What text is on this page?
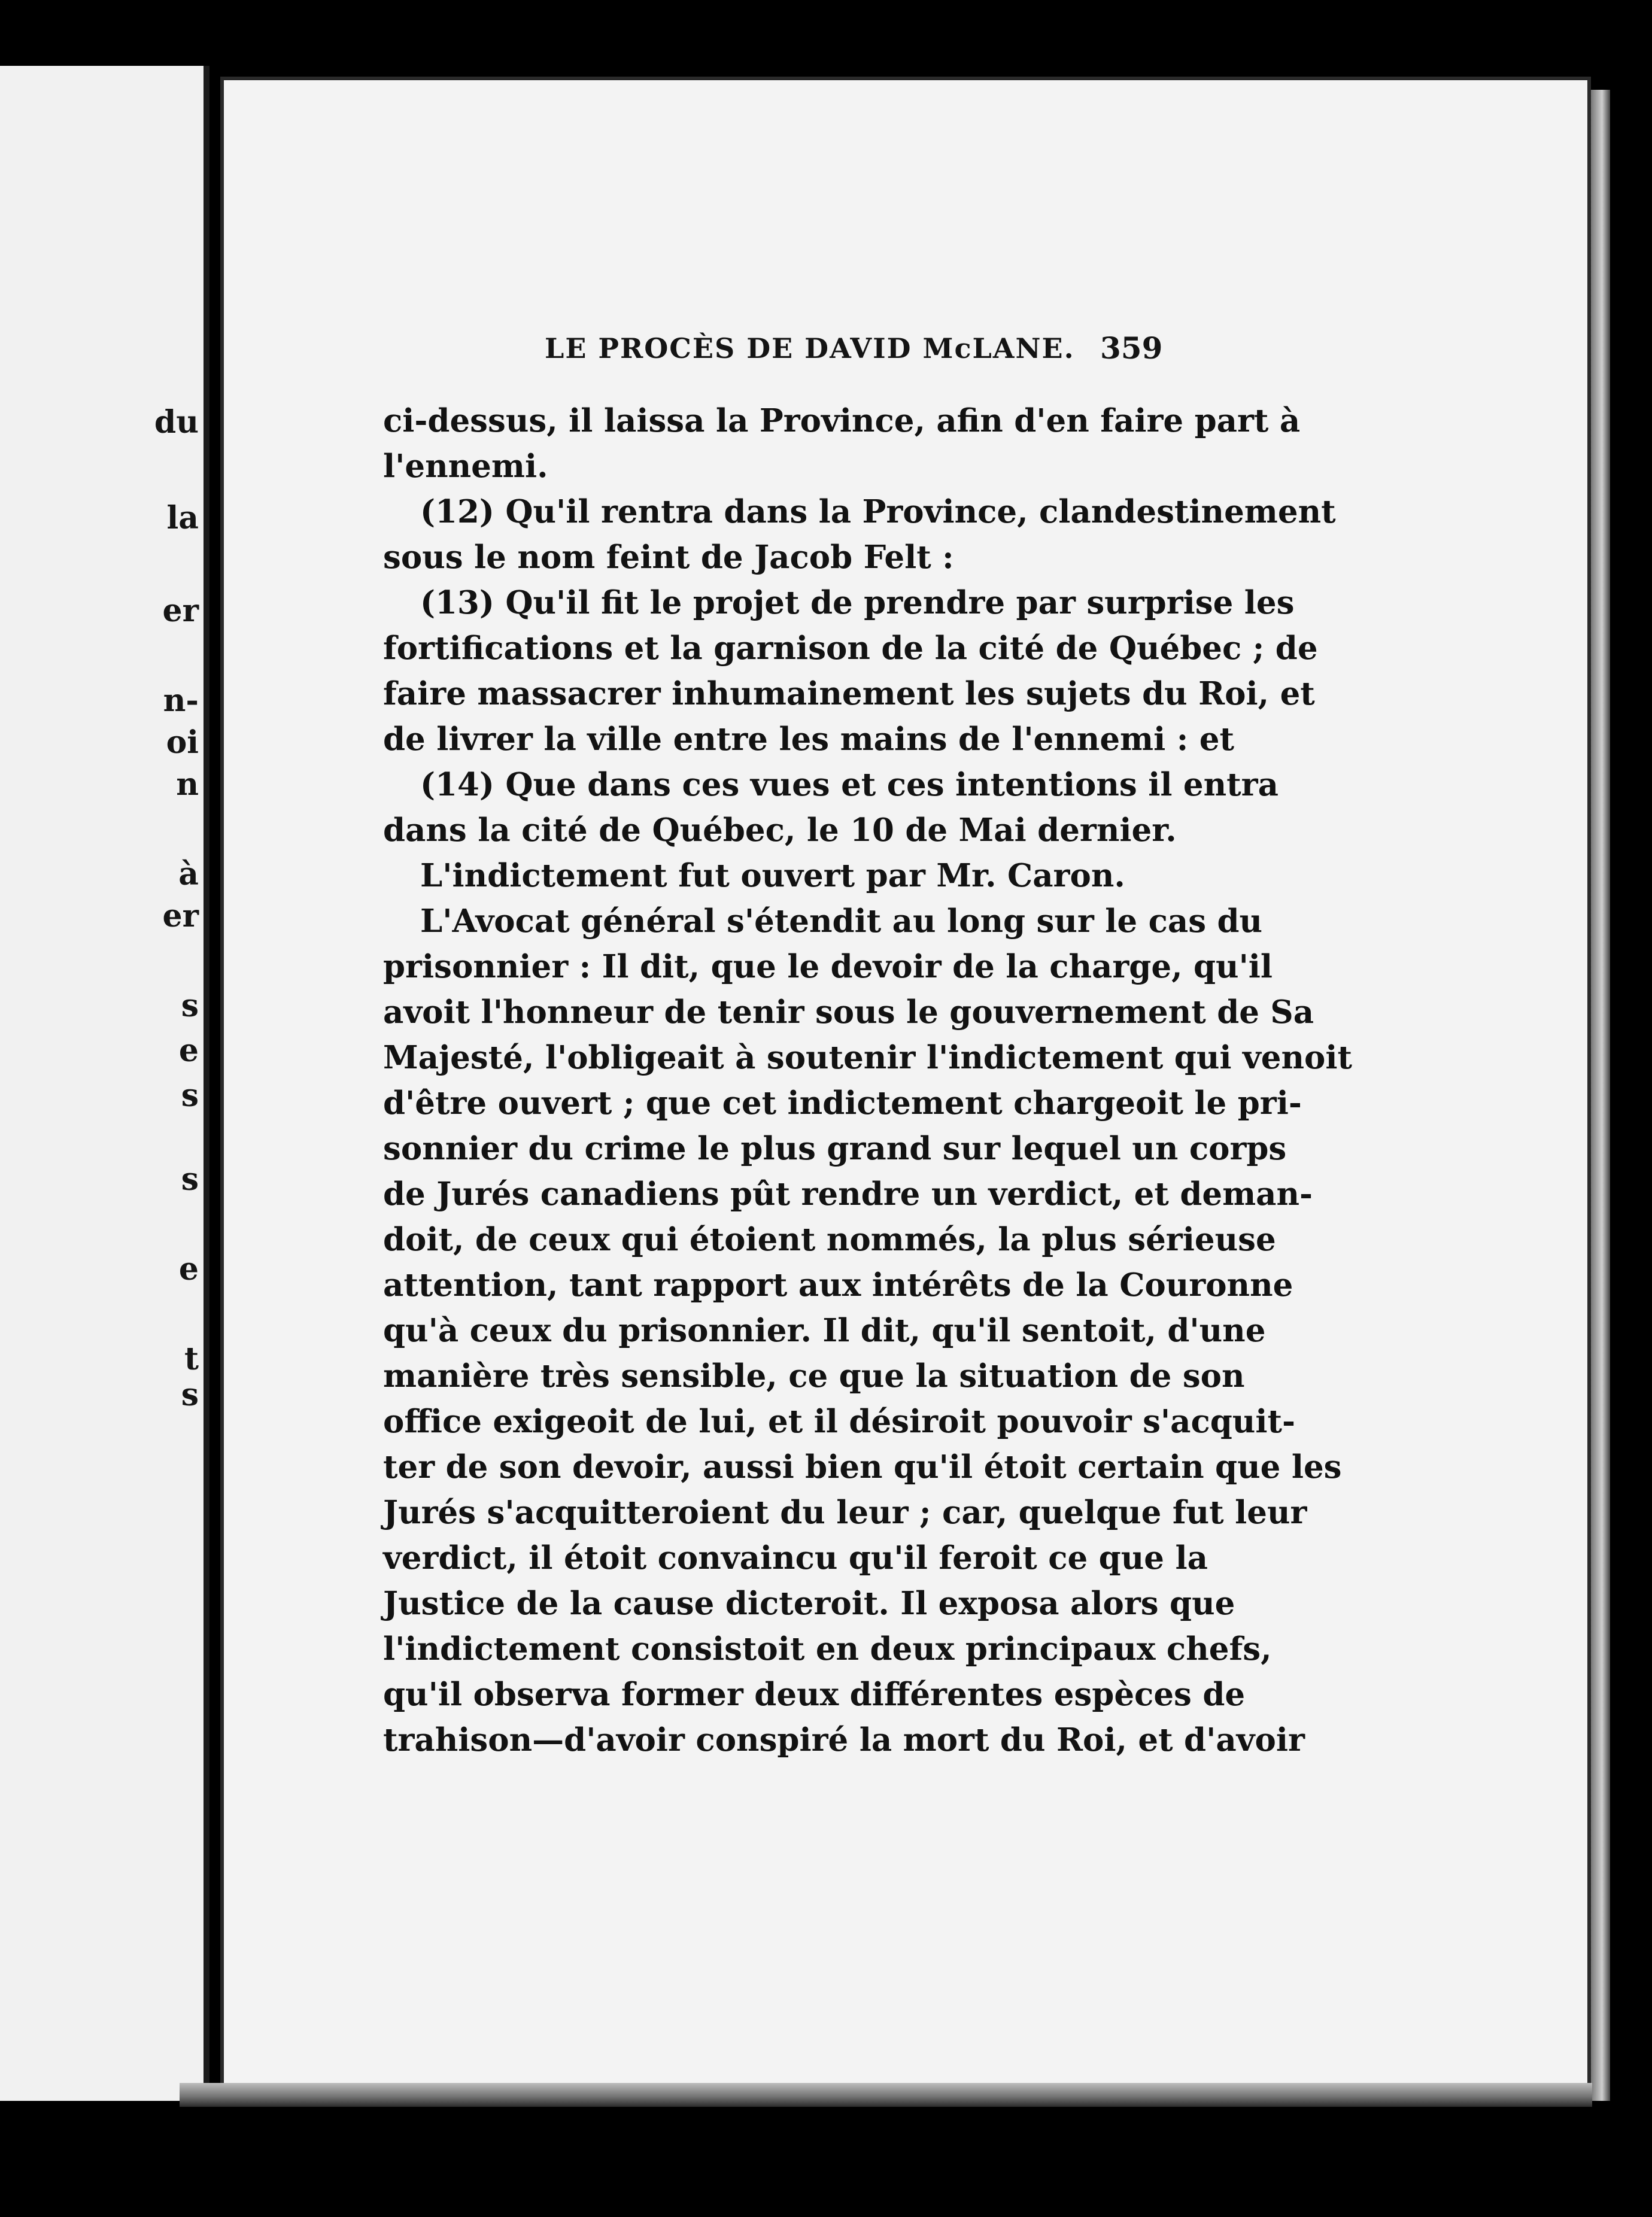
du
la
er
n-
oi
n
à
er
s
e
s
s
e
t
s
LE PROCÈS DE DAVID McLANE. 359
ci-dessus, il laissa la Province, afin d'en faire part à
l'ennemi.
(12) Qu'il rentra dans la Province, clandestinement
sous le nom feint de Jacob Felt :
(13) Qu'il fit le projet de prendre par surprise les
fortifications et la garnison de la cité de Québec ; de
faire massacrer inhumainement les sujets du Roi, et
de livrer la ville entre les mains de l'ennemi : et
(14) Que dans ces vues et ces intentions il entra
dans la cité de Québec, le 10 de Mai dernier.
L'indictement fut ouvert par Mr. Caron.
L'Avocat général s'étendit au long sur le cas du
prisonnier : Il dit, que le devoir de la charge, qu'il
avoit l'honneur de tenir sous le gouvernement de Sa
Majesté, l'obligeait à soutenir l'indictement qui venoit
d'être ouvert ; que cet indictement chargeoit le pri-
sonnier du crime le plus grand sur lequel un corps
de Jurés canadiens pût rendre un verdict, et deman-
doit, de ceux qui étoient nommés, la plus sérieuse
attention, tant rapport aux intérêts de la Couronne
qu'à ceux du prisonnier. Il dit, qu'il sentoit, d'une
manière très sensible, ce que la situation de son
office exigeoit de lui, et il désiroit pouvoir s'acquit-
ter de son devoir, aussi bien qu'il étoit certain que les
Jurés s'acquitteroient du leur ; car, quelque fut leur
verdict, il étoit convaincu qu'il feroit ce que la
Justice de la cause dicteroit. Il exposa alors que
l'indictement consistoit en deux principaux chefs,
qu'il observa former deux différentes espèces de
trahison—d'avoir conspiré la mort du Roi, et d'avoir
